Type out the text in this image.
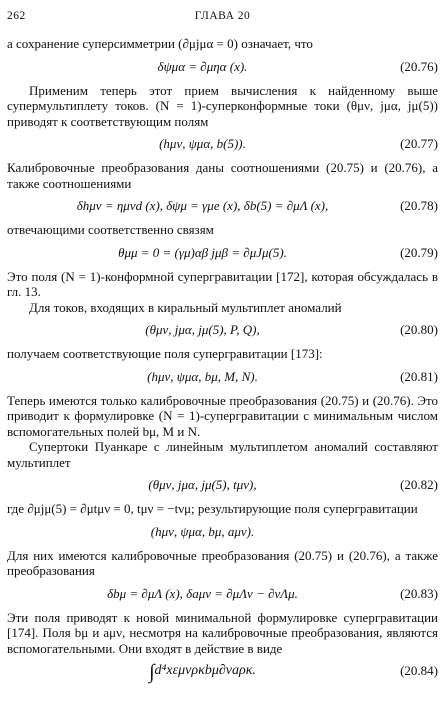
262	ГЛАВА 20

а сохранение суперсимметрии (∂μjμα = 0) означает, что

δψμα = ∂μηα (x).	(20.76)

Применим теперь этот прием вычисления к найденному выше супермультиплету токов. (N = 1)-суперконформные токи (θμν, jμα, jμ(5)) приводят к соответствующим полям

(hμν, ψμα, b(5)).	(20.77)

Калибровочные преобразования даны соотношениями (20.75) и (20.76), а также соотношениями

δhμν = ημνd (x), δψμ = γμe (x), δb(5) = ∂μΛ (x),	(20.78)

отвечающими соответственно связям

θμμ = 0 = (γμ)αβ jμβ = ∂μJμ(5).	(20.79)

Это поля (N = 1)-конформной супергравитации [172], которая обсуждалась в гл. 13.

Для токов, входящих в киральный мультиплет аномалий

(θμν, jμα, jμ(5), P, Q),	(20.80)

получаем соответствующие поля супергравитации [173]:

(hμν, ψμα, bμ, M, N).	(20.81)

Теперь имеются только калибровочные преобразования (20.75) и (20.76). Это приводит к формулировке (N = 1)-супергравитации с минимальным числом вспомогательных полей bμ, M и N.

Супертоки Пуанкаре с линейным мультиплетом аномалий составляют мультиплет

(θμν, jμα, jμ(5), tμν),	(20.82)

где ∂μjμ(5) = ∂μtμν = 0, tμν = −tνμ; результирующие поля супергравитации

(hμν, ψμα, bμ, aμν).

Для них имеются калибровочные преобразования (20.75) и (20.76), а также преобразования

δbμ = ∂μΛ (x), δaμν = ∂μΛν − ∂νΛμ.	(20.83)

Эти поля приводят к новой минимальной формулировке супергравитации [174]. Поля bμ и aμν, несмотря на калибровочные преобразования, являются вспомогательными. Они входят в действие в виде

∫d⁴xεμνρκbμ∂νaρκ.	(20.84)
